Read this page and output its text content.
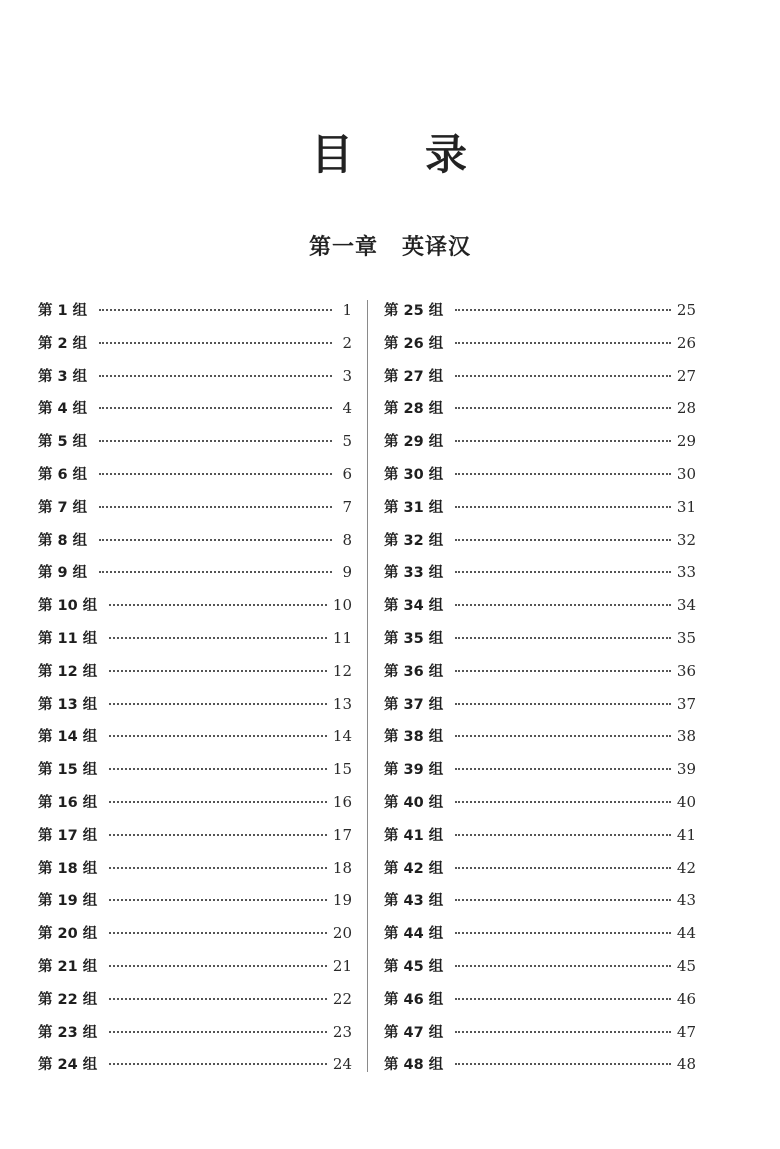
目 录
第一章 英译汉
第 1 组	1
第 2 组	2
第 3 组	3
第 4 组	4
第 5 组	5
第 6 组	6
第 7 组	7
第 8 组	8
第 9 组	9
第 10 组	10
第 11 组	11
第 12 组	12
第 13 组	13
第 14 组	14
第 15 组	15
第 16 组	16
第 17 组	17
第 18 组	18
第 19 组	19
第 20 组	20
第 21 组	21
第 22 组	22
第 23 组	23
第 24 组	24
第 25 组	25
第 26 组	26
第 27 组	27
第 28 组	28
第 29 组	29
第 30 组	30
第 31 组	31
第 32 组	32
第 33 组	33
第 34 组	34
第 35 组	35
第 36 组	36
第 37 组	37
第 38 组	38
第 39 组	39
第 40 组	40
第 41 组	41
第 42 组	42
第 43 组	43
第 44 组	44
第 45 组	45
第 46 组	46
第 47 组	47
第 48 组	48
